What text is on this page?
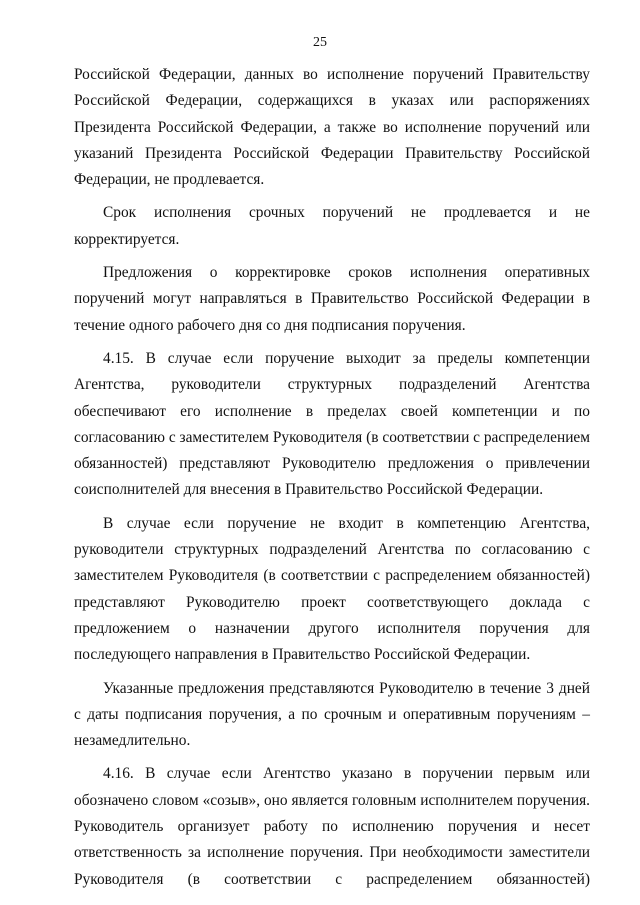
25

Российской Федерации, данных во исполнение поручений Правительству Российской Федерации, содержащихся в указах или распоряжениях Президента Российской Федерации, а также во исполнение поручений или указаний Президента Российской Федерации Правительству Российской Федерации, не продлевается.

Срок исполнения срочных поручений не продлевается и не корректируется.

Предложения о корректировке сроков исполнения оперативных поручений могут направляться в Правительство Российской Федерации в течение одного рабочего дня со дня подписания поручения.

4.15. В случае если поручение выходит за пределы компетенции Агентства, руководители структурных подразделений Агентства обеспечивают его исполнение в пределах своей компетенции и по согласованию с заместителем Руководителя (в соответствии с распределением обязанностей) представляют Руководителю предложения о привлечении соисполнителей для внесения в Правительство Российской Федерации.

В случае если поручение не входит в компетенцию Агентства, руководители структурных подразделений Агентства по согласованию с заместителем Руководителя (в соответствии с распределением обязанностей) представляют Руководителю проект соответствующего доклада с предложением о назначении другого исполнителя поручения для последующего направления в Правительство Российской Федерации.

Указанные предложения представляются Руководителю в течение 3 дней с даты подписания поручения, а по срочным и оперативным поручениям – незамедлительно.

4.16. В случае если Агентство указано в поручении первым или обозначено словом «созыв», оно является головным исполнителем поручения. Руководитель организует работу по исполнению поручения и несет ответственность за исполнение поручения. При необходимости заместители Руководителя (в соответствии с распределением обязанностей)
